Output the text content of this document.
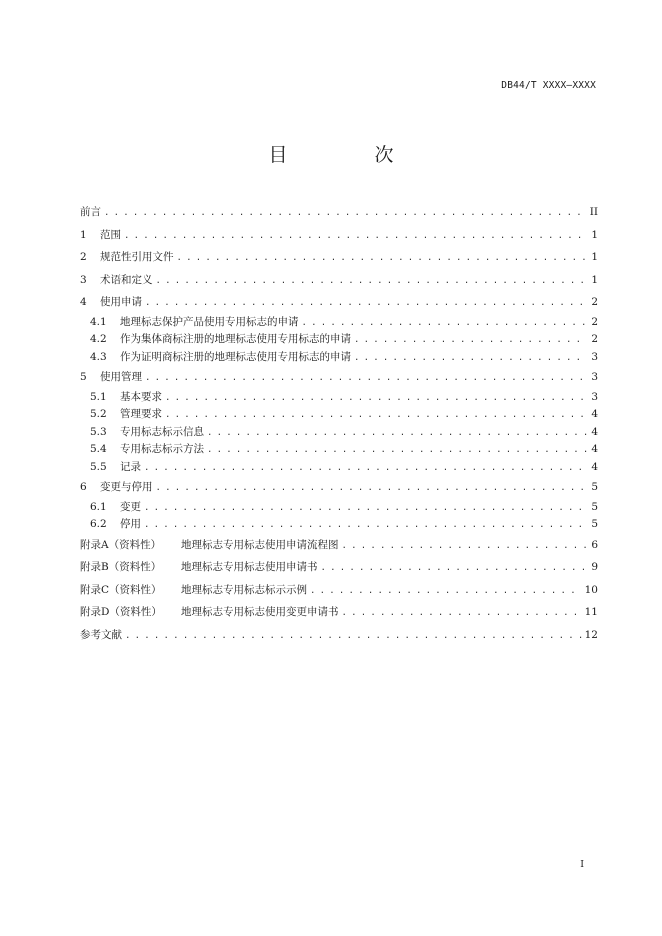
DB44/T XXXX—XXXX
目　次
前言 . . .	II
1	范围 . . .	1
2	规范性引用文件 . . .	1
3	术语和定义 . . .	1
4	使用申请 . . .	2
4.1	地理标志保护产品使用专用标志的申请 . . .	2
4.2	作为集体商标注册的地理标志使用专用标志的申请 . . .	2
4.3	作为证明商标注册的地理标志使用专用标志的申请 . . .	3
5	使用管理 . . .	3
5.1	基本要求 . . .	3
5.2	管理要求 . . .	4
5.3	专用标志标示信息 . . .	4
5.4	专用标志标示方法 . . .	4
5.5	记录 . . .	4
6	变更与停用 . . .	5
6.1	变更 . . .	5
6.2	停用 . . .	5
附录A（资料性）	地理标志专用标志使用申请流程图 . . .	6
附录B（资料性）	地理标志专用标志使用申请书 . . .	9
附录C（资料性）	地理标志专用标志标示示例 . . .	10
附录D（资料性）	地理标志专用标志使用变更申请书 . . .	11
参考文献 . . .	12
I
